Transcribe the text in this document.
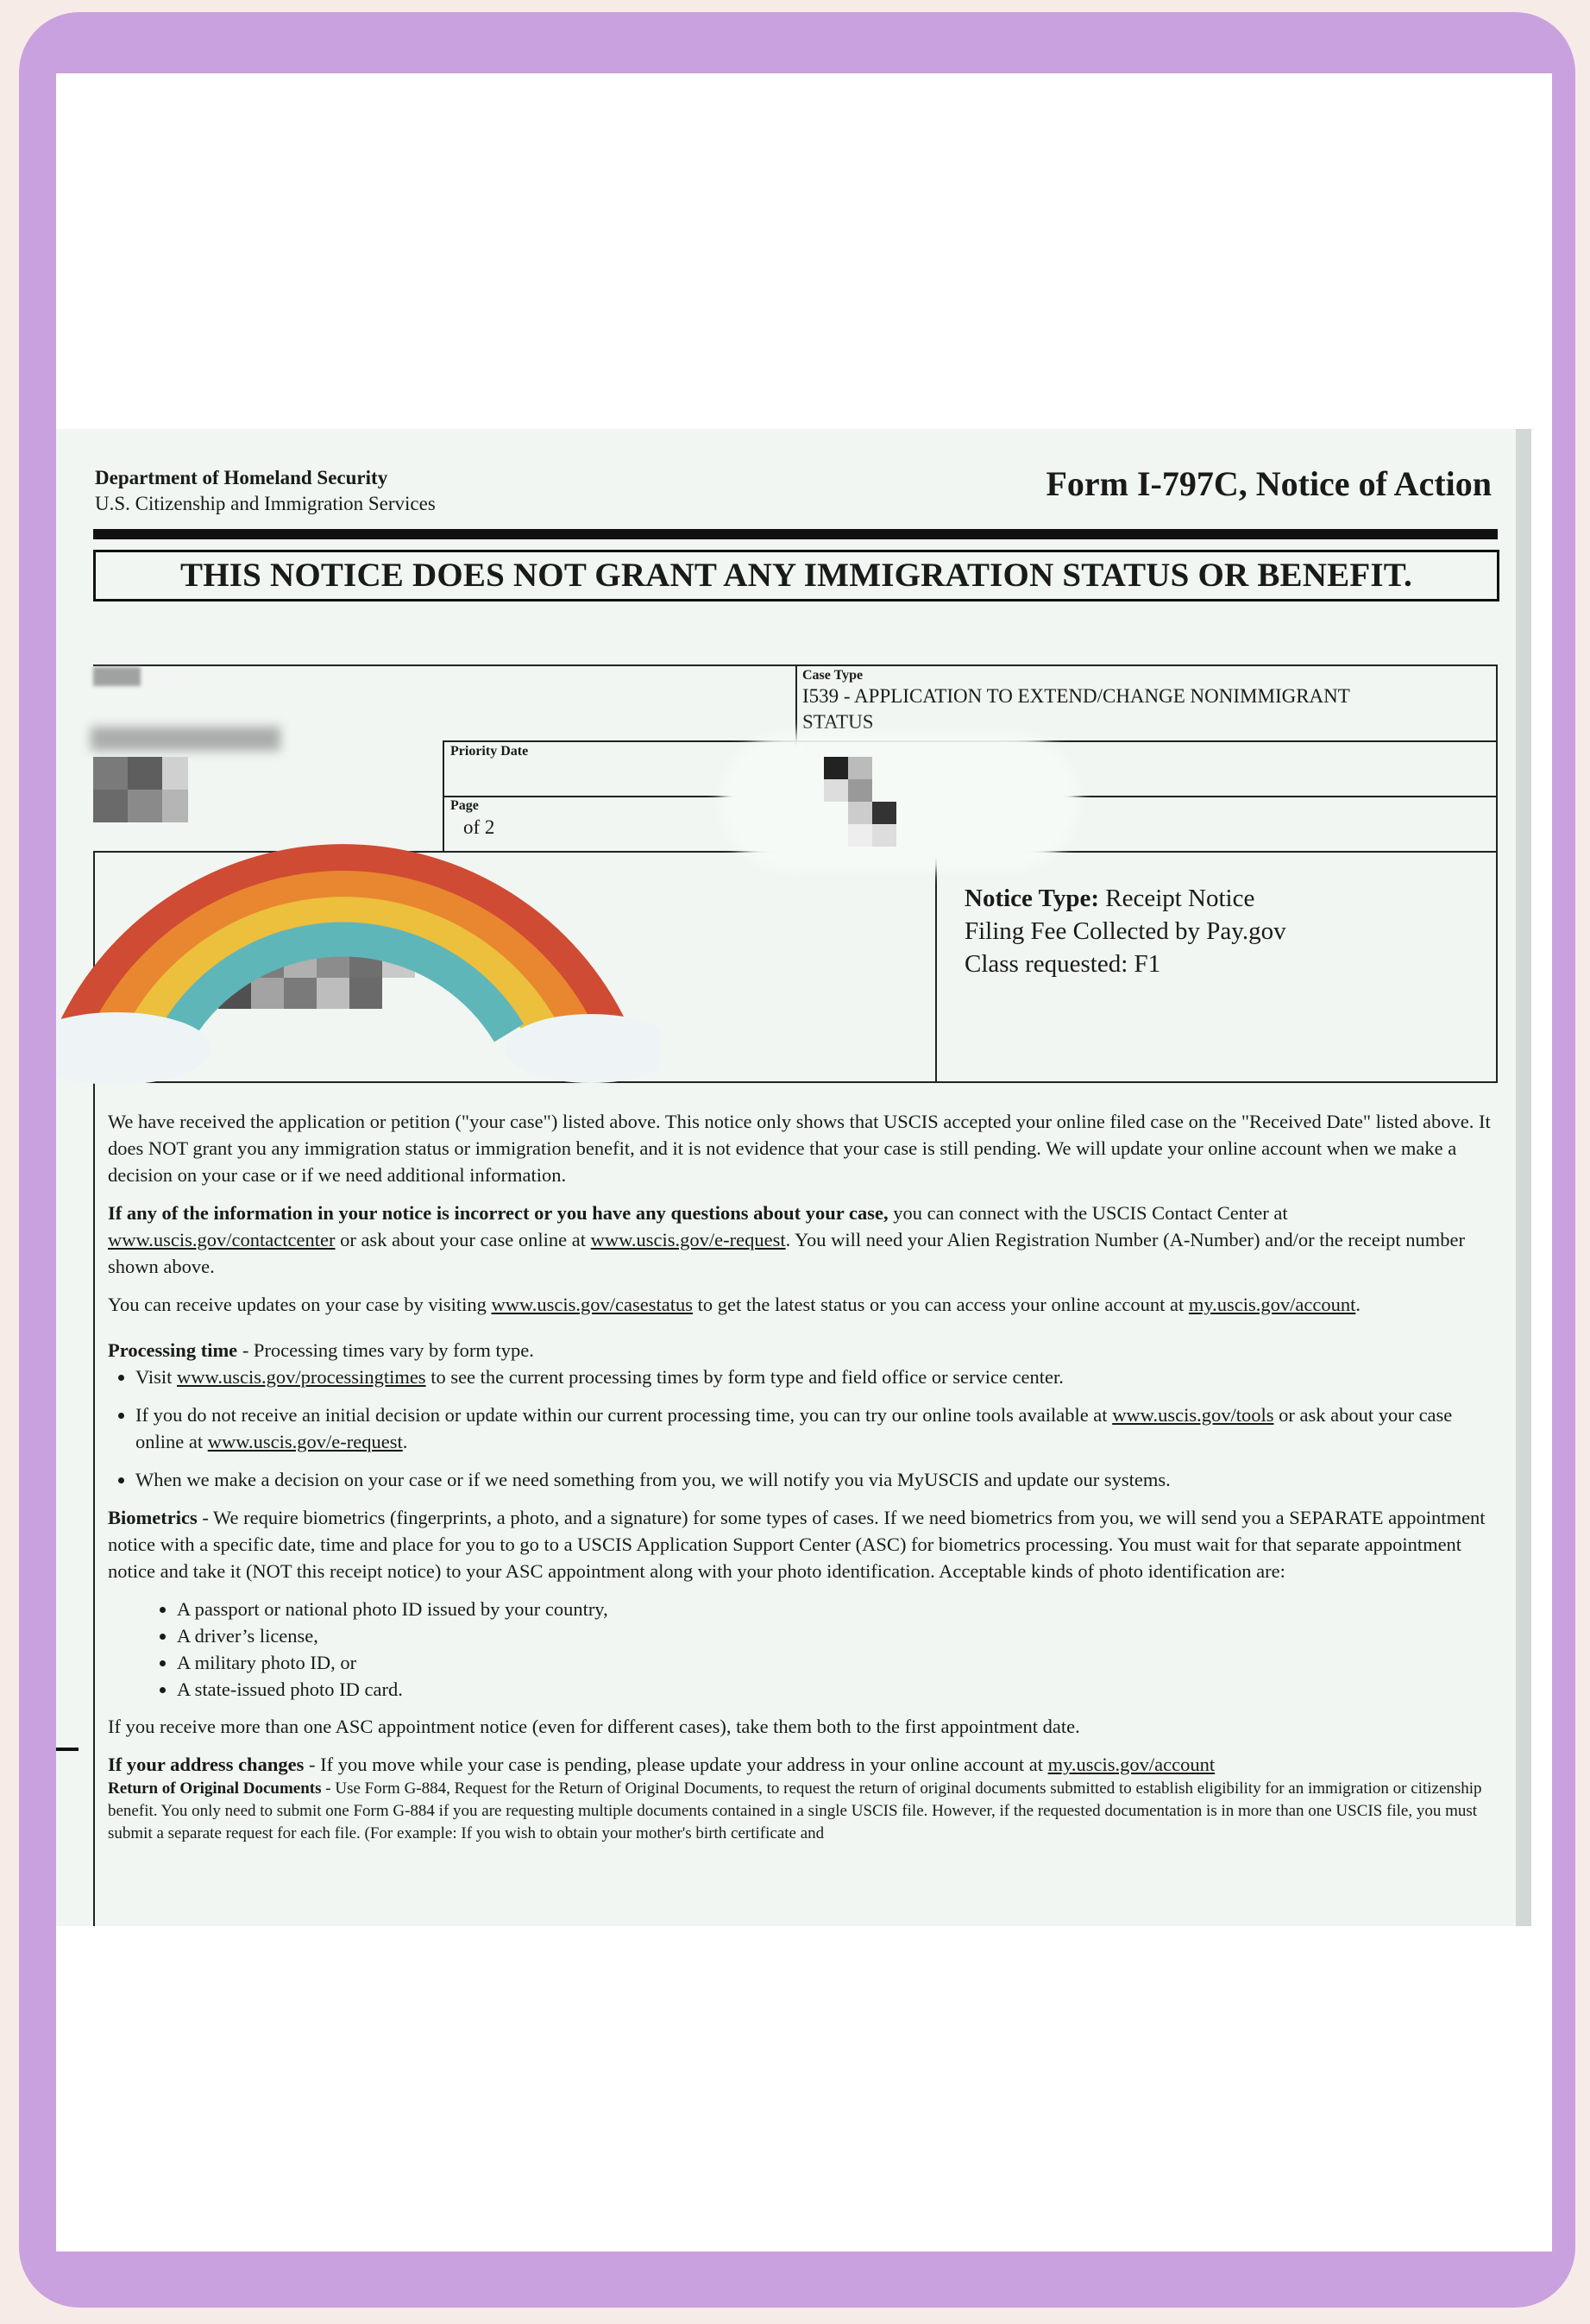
Department of Homeland Security
U.S. Citizenship and Immigration Services
Form I-797C, Notice of Action
THIS NOTICE DOES NOT GRANT ANY IMMIGRATION STATUS OR BENEFIT.
Number	Case Type
I539 - APPLICATION TO EXTEND/CHANGE NONIMMIGRANT
STATUS
Priority Date
Page
of 2
Notice Type: Receipt Notice
Filing Fee Collected by Pay.gov
Class requested: F1

We have received the application or petition ("your case") listed above. This notice only shows that USCIS accepted your online filed case on the "Received Date" listed above. It does NOT grant you any immigration status or immigration benefit, and it is not evidence that your case is still pending. We will update your online account when we make a decision on your case or if we need additional information.

If any of the information in your notice is incorrect or you have any questions about your case, you can connect with the USCIS Contact Center at www.uscis.gov/contactcenter or ask about your case online at www.uscis.gov/e-request. You will need your Alien Registration Number (A-Number) and/or the receipt number shown above.

You can receive updates on your case by visiting www.uscis.gov/casestatus to get the latest status or you can access your online account at my.uscis.gov/account.

Processing time - Processing times vary by form type.

• Visit www.uscis.gov/processingtimes to see the current processing times by form type and field office or service center.
• If you do not receive an initial decision or update within our current processing time, you can try our online tools available at www.uscis.gov/tools or ask about your case online at www.uscis.gov/e-request.
• When we make a decision on your case or if we need something from you, we will notify you via MyUSCIS and update our systems.

Biometrics - We require biometrics (fingerprints, a photo, and a signature) for some types of cases. If we need biometrics from you, we will send you a SEPARATE appointment notice with a specific date, time and place for you to go to a USCIS Application Support Center (ASC) for biometrics processing. You must wait for that separate appointment notice and take it (NOT this receipt notice) to your ASC appointment along with your photo identification. Acceptable kinds of photo identification are:

• A passport or national photo ID issued by your country,
• A driver’s license,
• A military photo ID, or
• A state-issued photo ID card.

If you receive more than one ASC appointment notice (even for different cases), take them both to the first appointment date.

If your address changes - If you move while your case is pending, please update your address in your online account at my.uscis.gov/account

Return of Original Documents - Use Form G-884, Request for the Return of Original Documents, to request the return of original documents submitted to establish eligibility for an immigration or citizenship benefit. You only need to submit one Form G-884 if you are requesting multiple documents contained in a single USCIS file. However, if the requested documentation is in more than one USCIS file, you must submit a separate request for each file. (For example: If you wish to obtain your mother's birth certificate and
